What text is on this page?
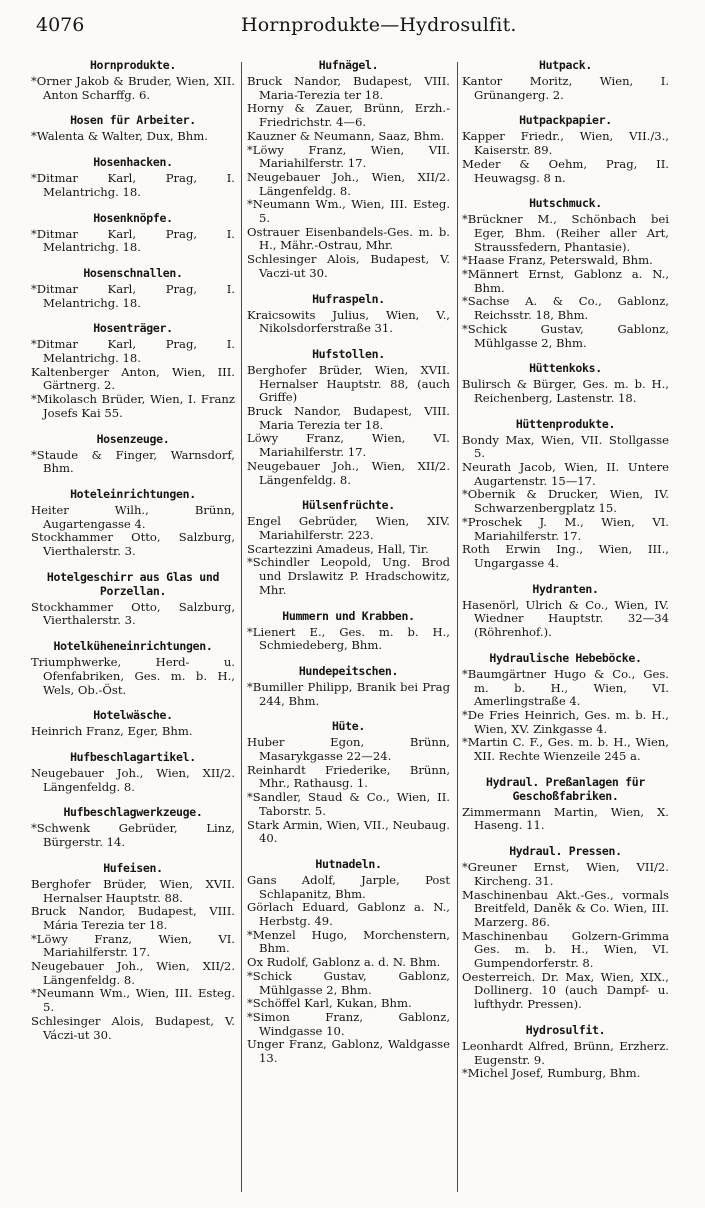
4076	Hornprodukte—Hydrosulfit.
Hornprodukte.

*Orner Jakob & Bruder, Wien, XII. Anton Scharffg. 6.

Hosen für Arbeiter.

*Walenta & Walter, Dux, Bhm.

Hosenhacken.

*Ditmar Karl, Prag, I. Melantrichg. 18.

Hosenknöpfe.

*Ditmar Karl, Prag, I. Melantrichg. 18.

Hosenschnallen.

*Ditmar Karl, Prag, I. Melantrichg. 18.

Hosenträger.

*Ditmar Karl, Prag, I. Melantrichg. 18.

Kaltenberger Anton, Wien, III. Gärtnerg. 2.

*Mikolasch Brüder, Wien, I. Franz Josefs Kai 55.

Hosenzeuge.

*Staude & Finger, Warnsdorf, Bhm.

Hoteleinrichtungen.

Heiter Wilh., Brünn, Augartengasse 4.

Stockhammer Otto, Salzburg, Vierthalerstr. 3.

Hotelgeschirr aus Glas und Porzellan.

Stockhammer Otto, Salzburg, Vierthalerstr. 3.

Hotelküheneinrichtungen.

Triumphwerke, Herd- u. Ofenfabriken, Ges. m. b. H., Wels, Ob.-Öst.

Hotelwäsche.

Heinrich Franz, Eger, Bhm.

Hufbeschlagartikel.

Neugebauer Joh., Wien, XII/2. Längenfeldg. 8.

Hufbeschlagwerkzeuge.

*Schwenk Gebrüder, Linz, Bürgerstr. 14.

Hufeisen.

Berghofer Brüder, Wien, XVII. Hernalser Hauptstr. 88.

Bruck Nandor, Budapest, VIII. Mária Terezia ter 18.

*Löwy Franz, Wien, VI. Mariahilferstr. 17.

Neugebauer Joh., Wien, XII/2. Längenfeldg. 8.

*Neumann Wm., Wien, III. Esteg. 5.

Schlesinger Alois, Budapest, V. Váczi-ut 30.

Hufnägel.

Bruck Nandor, Budapest, VIII. Maria-Terezia ter 18.

Horny & Zauer, Brünn, Erzh.-Friedrichstr. 4—6.

Kauzner & Neumann, Saaz, Bhm.

*Löwy Franz, Wien, VII. Mariahilferstr. 17.

Neugebauer Joh., Wien, XII/2. Längenfeldg. 8.

*Neumann Wm., Wien, III. Esteg. 5.

Ostrauer Eisenbandels-Ges. m. b. H., Mähr.-Ostrau, Mhr.

Schlesinger Alois, Budapest, V. Vaczi-ut 30.

Hufraspeln.

Kraicsowits Julius, Wien, V., Nikolsdorferstraße 31.

Hufstollen.

Berghofer Brüder, Wien, XVII. Hernalser Hauptstr. 88, (auch Griffe)

Bruck Nandor, Budapest, VIII. Maria Terezia ter 18.

Löwy Franz, Wien, VI. Mariahilferstr. 17.

Neugebauer Joh., Wien, XII/2. Längenfeldg. 8.

Hülsenfrüchte.

Engel Gebrüder, Wien, XIV. Mariahilferstr. 223.

Scartezzini Amadeus, Hall, Tir.

*Schindler Leopold, Ung. Brod und Drslawitz P. Hradschowitz, Mhr.

Hummern und Krabben.

*Lienert E., Ges. m. b. H., Schmiedeberg, Bhm.

Hundepeitschen.

*Bumiller Philipp, Branik bei Prag 244, Bhm.

Hüte.

Huber Egon, Brünn, Masarykgasse 22—24.

Reinhardt Friederike, Brünn, Mhr., Rathausg. 1.

*Sandler, Staud & Co., Wien, II. Taborstr. 5.

Stark Armin, Wien, VII., Neubaug. 40.

Hutnadeln.

Gans Adolf, Jarple, Post Schlapanitz, Bhm.

Görlach Eduard, Gablonz a. N., Herbstg. 49.

*Menzel Hugo, Morchenstern, Bhm.

Ox Rudolf, Gablonz a. d. N. Bhm.

*Schick Gustav, Gablonz, Mühlgasse 2, Bhm.

*Schöffel Karl, Kukan, Bhm.

*Simon Franz, Gablonz, Windgasse 10.

Unger Franz, Gablonz, Waldgasse 13.

Hutpack.

Kantor Moritz, Wien, I. Grünangerg. 2.

Hutpackpapier.

Kapper Friedr., Wien, VII./3., Kaiserstr. 89.

Meder & Oehm, Prag, II. Heuwagsg. 8 n.

Hutschmuck.

*Brückner M., Schönbach bei Eger, Bhm. (Reiher aller Art, Straussfedern, Phantasie).

*Haase Franz, Peterswald, Bhm.

*Männert Ernst, Gablonz a. N., Bhm.

*Sachse A. & Co., Gablonz, Reichsstr. 18, Bhm.

*Schick Gustav, Gablonz, Mühlgasse 2, Bhm.

Hüttenkoks.

Bulirsch & Bürger, Ges. m. b. H., Reichenberg, Lastenstr. 18.

Hüttenprodukte.

Bondy Max, Wien, VII. Stollgasse 5.

Neurath Jacob, Wien, II. Untere Augartenstr. 15—17.

*Obernik & Drucker, Wien, IV. Schwarzenbergplatz 15.

*Proschek J. M., Wien, VI. Mariahilferstr. 17.

Roth Erwin Ing., Wien, III., Ungargasse 4.

Hydranten.

Hasenörl, Ulrich & Co., Wien, IV. Wiedner Hauptstr. 32—34 (Röhrenhof.).

Hydraulische Hebeböcke.

*Baumgärtner Hugo & Co., Ges. m. b. H., Wien, VI. Amerlingstraße 4.

*De Fries Heinrich, Ges. m. b. H., Wien, XV. Zinkgasse 4.

*Martin C. F., Ges. m. b. H., Wien, XII. Rechte Wienzeile 245 a.

Hydraul. Preßanlagen für Geschoßfabriken.

Zimmermann Martin, Wien, X. Haseng. 11.

Hydraul. Pressen.

*Greuner Ernst, Wien, VII/2. Kircheng. 31.

Maschinenbau Akt.-Ges., vormals Breitfeld, Daněk & Co. Wien, III. Marzerg. 86.

Maschinenbau Golzern-Grimma Ges. m. b. H., Wien, VI. Gumpendorferstr. 8.

Oesterreich. Dr. Max, Wien, XIX., Dollinerg. 10 (auch Dampf- u. lufthydr. Pressen).

Hydrosulfit.

Leonhardt Alfred, Brünn, Erzherz. Eugenstr. 9.

*Michel Josef, Rumburg, Bhm.
